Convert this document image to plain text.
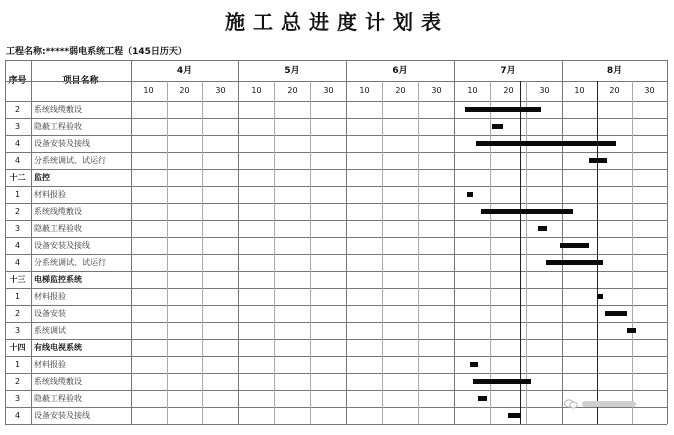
施工总进度计划表
工程名称:*****弱电系统工程（145日历天）
序号	项目名称
4月	5月	6月	7月	8月
10	20	30	10	20	30	10	20	30	10	20	30	10	20	30
2	系统线缆敷设
3	隐蔽工程验收
4	设备安装及接线
4	分系统调试、试运行
十二	监控
1	材料报验
2	系统线缆敷设
3	隐蔽工程验收
4	设备安装及接线
4	分系统调试、试运行
十三	电梯监控系统
1	材料报验
2	设备安装
3	系统调试
十四	有线电视系统
1	材料报验
2	系统线缆敷设
3	隐蔽工程验收
4	设备安装及接线
